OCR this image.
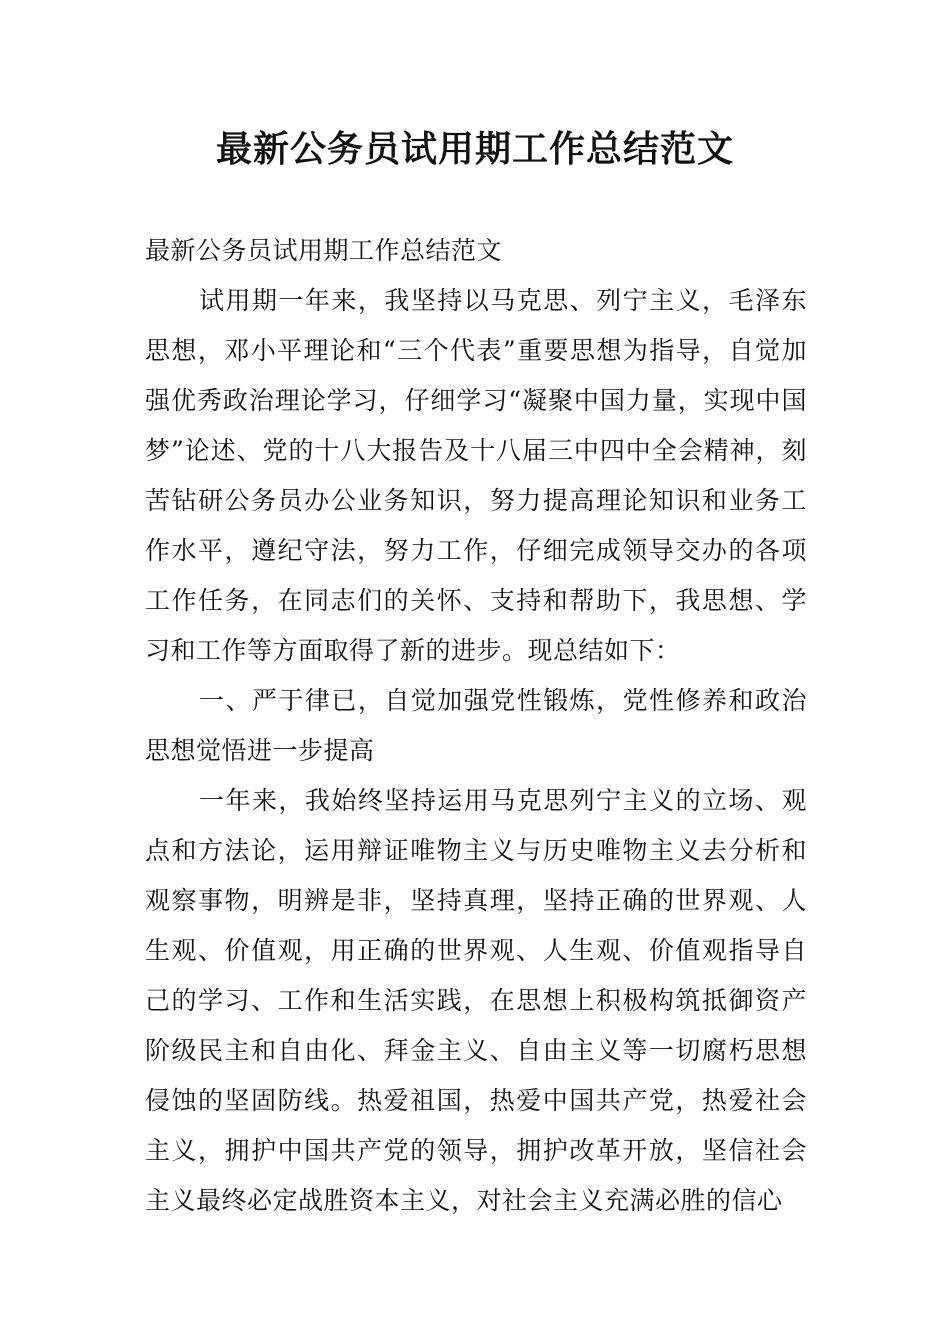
最新公务员试用期工作总结范文

最新公务员试用期工作总结范文

试用期一年来，我坚持以马克思、列宁主义，毛泽东思想，邓小平理论和“三个代表”重要思想为指导，自觉加强优秀政治理论学习，仔细学习“凝聚中国力量，实现中国梦”论述、党的十八大报告及十八届三中四中全会精神，刻苦钻研公务员办公业务知识，努力提高理论知识和业务工作水平，遵纪守法，努力工作，仔细完成领导交办的各项工作任务，在同志们的关怀、支持和帮助下，我思想、学习和工作等方面取得了新的进步。现总结如下：

一、严于律已，自觉加强党性锻炼，党性修养和政治思想觉悟进一步提高

一年来，我始终坚持运用马克思列宁主义的立场、观点和方法论，运用辩证唯物主义与历史唯物主义去分析和观察事物，明辨是非，坚持真理，坚持正确的世界观、人生观、价值观，用正确的世界观、人生观、价值观指导自己的学习、工作和生活实践，在思想上积极构筑抵御资产阶级民主和自由化、拜金主义、自由主义等一切腐朽思想侵蚀的坚固防线。热爱祖国，热爱中国共产党，热爱社会主义，拥护中国共产党的领导，拥护改革开放，坚信社会主义最终必定战胜资本主义，对社会主义充满必胜的信心
